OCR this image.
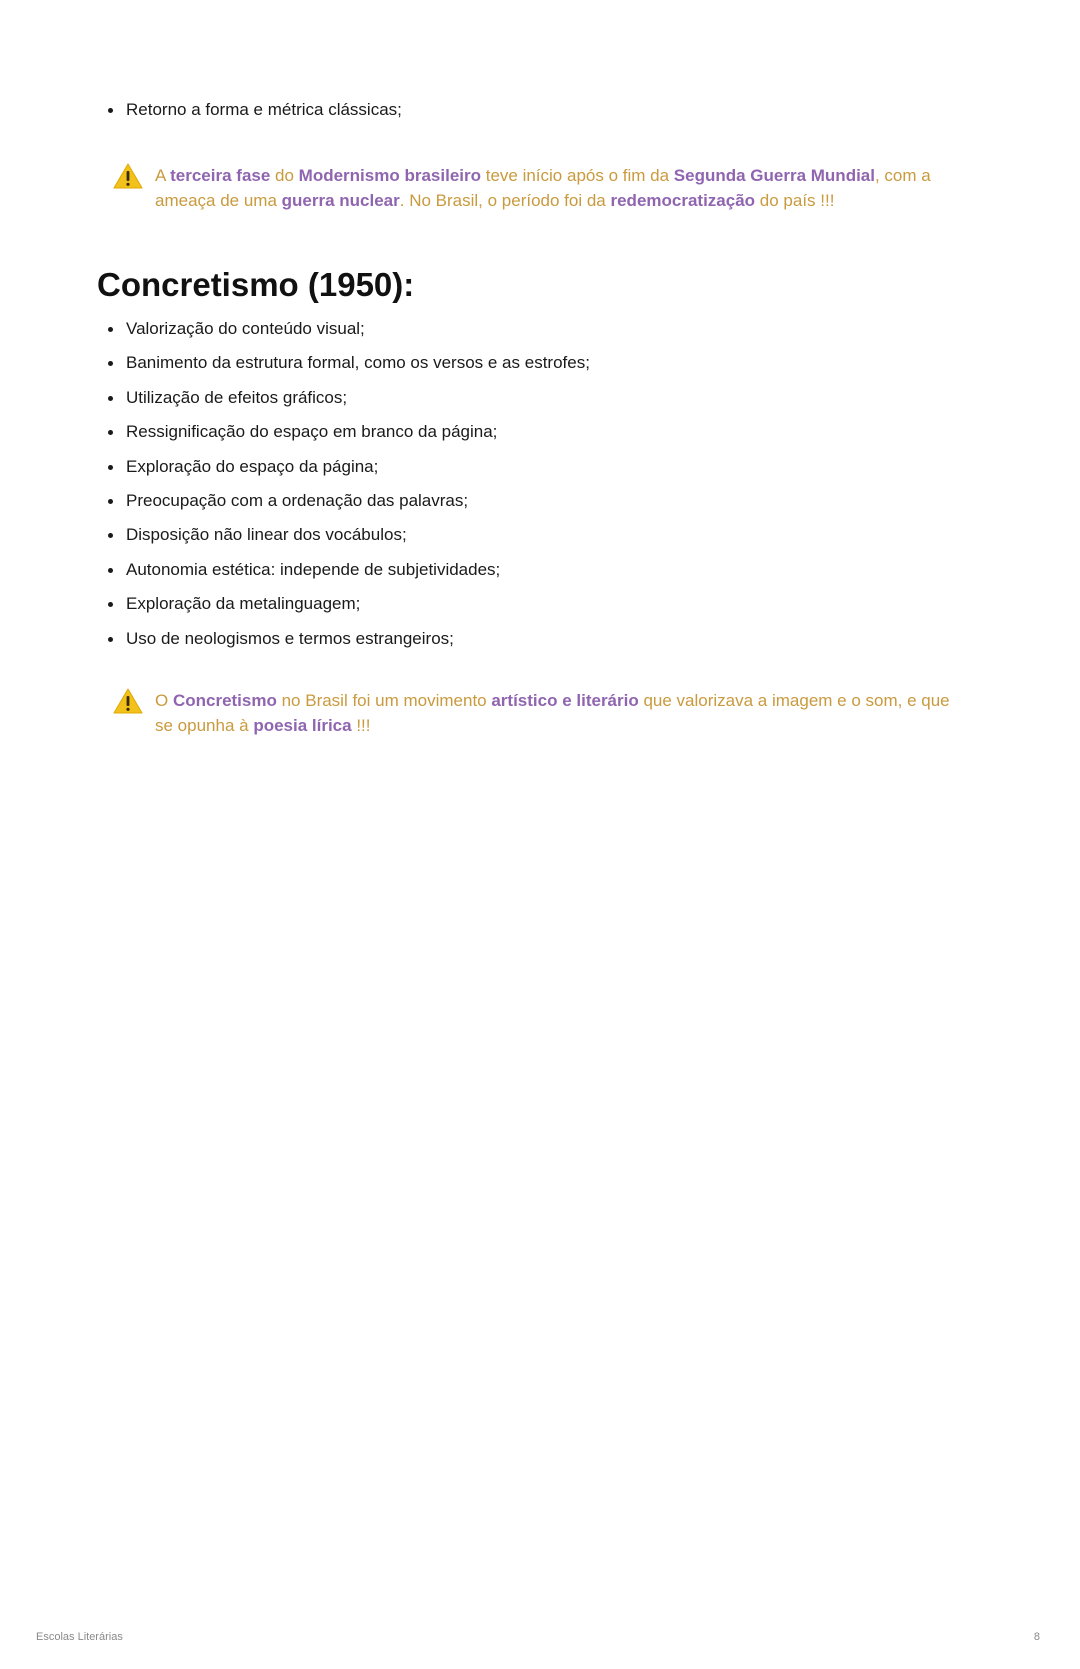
Retorno a forma e métrica clássicas;
A terceira fase do Modernismo brasileiro teve início após o fim da Segunda Guerra Mundial, com a ameaça de uma guerra nuclear. No Brasil, o período foi da redemocratização do país !!!
Concretismo (1950):
Valorização do conteúdo visual;
Banimento da estrutura formal, como os versos e as estrofes;
Utilização de efeitos gráficos;
Ressignificação do espaço em branco da página;
Exploração do espaço da página;
Preocupação com a ordenação das palavras;
Disposição não linear dos vocábulos;
Autonomia estética: independe de subjetividades;
Exploração da metalinguagem;
Uso de neologismos e termos estrangeiros;
O Concretismo no Brasil foi um movimento artístico e literário que valorizava a imagem e o som, e que se opunha à poesia lírica !!!
Escolas Literárias	8
